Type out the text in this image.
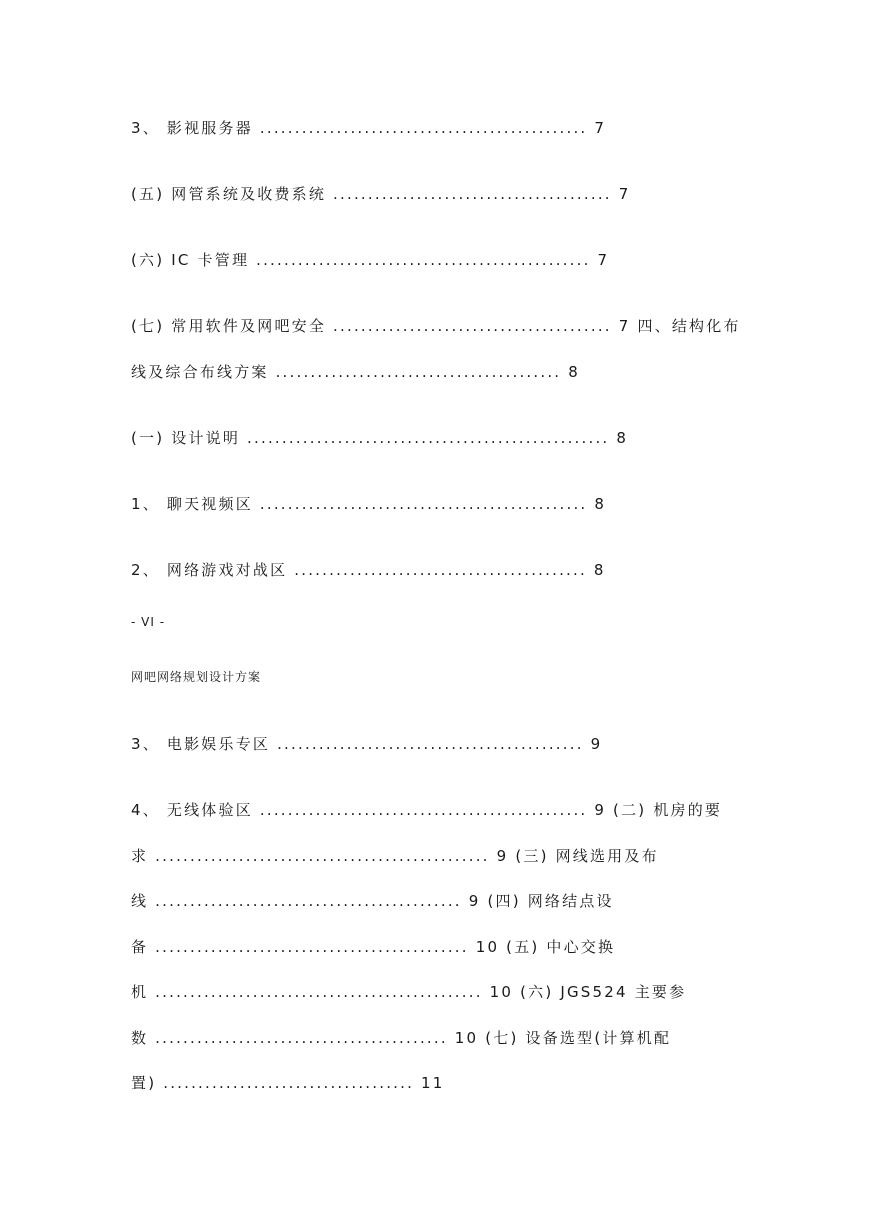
3、 影视服务器 ............................................... 7
(五) 网管系统及收费系统 ........................................ 7
(六) IC 卡管理 ................................................ 7
(七) 常用软件及网吧安全 ........................................ 7 四、结构化布
线及综合布线方案 ......................................... 8
(一) 设计说明 .................................................... 8
1、 聊天视频区 ............................................... 8
2、 网络游戏对战区 .......................................... 8
- VI -
网吧网络规划设计方案
3、 电影娱乐专区 ............................................ 9
4、 无线体验区 ............................................... 9 (二) 机房的要
求 ................................................ 9 (三) 网线选用及布
线 ............................................ 9 (四) 网络结点设
备 ............................................. 10 (五) 中心交换
机 ............................................... 10 (六) JGS524 主要参
数 .......................................... 10 (七) 设备选型(计算机配
置) .................................... 11
